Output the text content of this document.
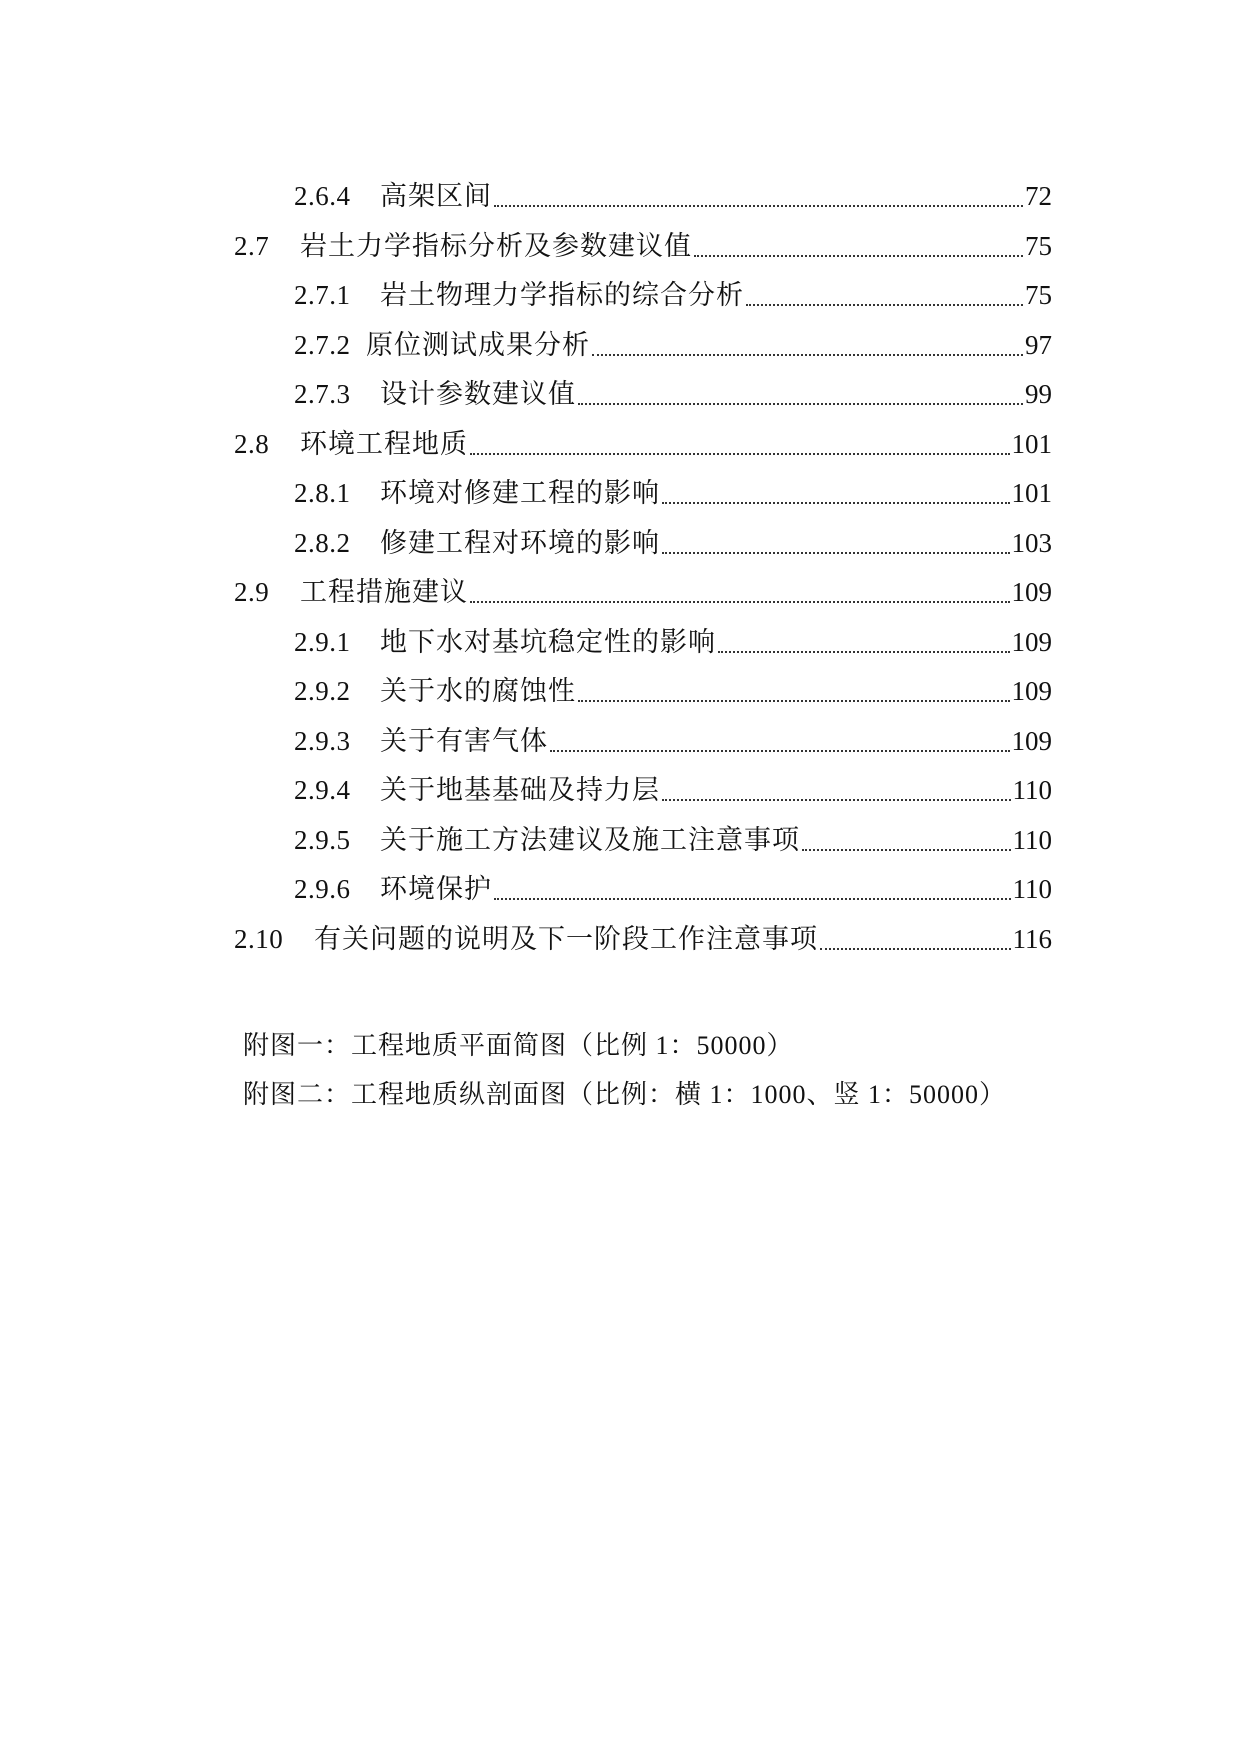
2.6.4	高架区间	72
2.7	岩土力学指标分析及参数建议值	75
2.7.1	岩土物理力学指标的综合分析	75
2.7.2 原位测试成果分析	97
2.7.3	设计参数建议值	99
2.8	环境工程地质	101
2.8.1	环境对修建工程的影响	101
2.8.2	修建工程对环境的影响	103
2.9	工程措施建议	109
2.9.1	地下水对基坑稳定性的影响	109
2.9.2	关于水的腐蚀性	109
2.9.3	关于有害气体	109
2.9.4	关于地基基础及持力层	110
2.9.5	关于施工方法建议及施工注意事项	110
2.9.6	环境保护	110
2.10	有关问题的说明及下一阶段工作注意事项	116
附图一：工程地质平面简图（比例 1：50000）
附图二：工程地质纵剖面图（比例：横 1：1000、竖 1：50000）
